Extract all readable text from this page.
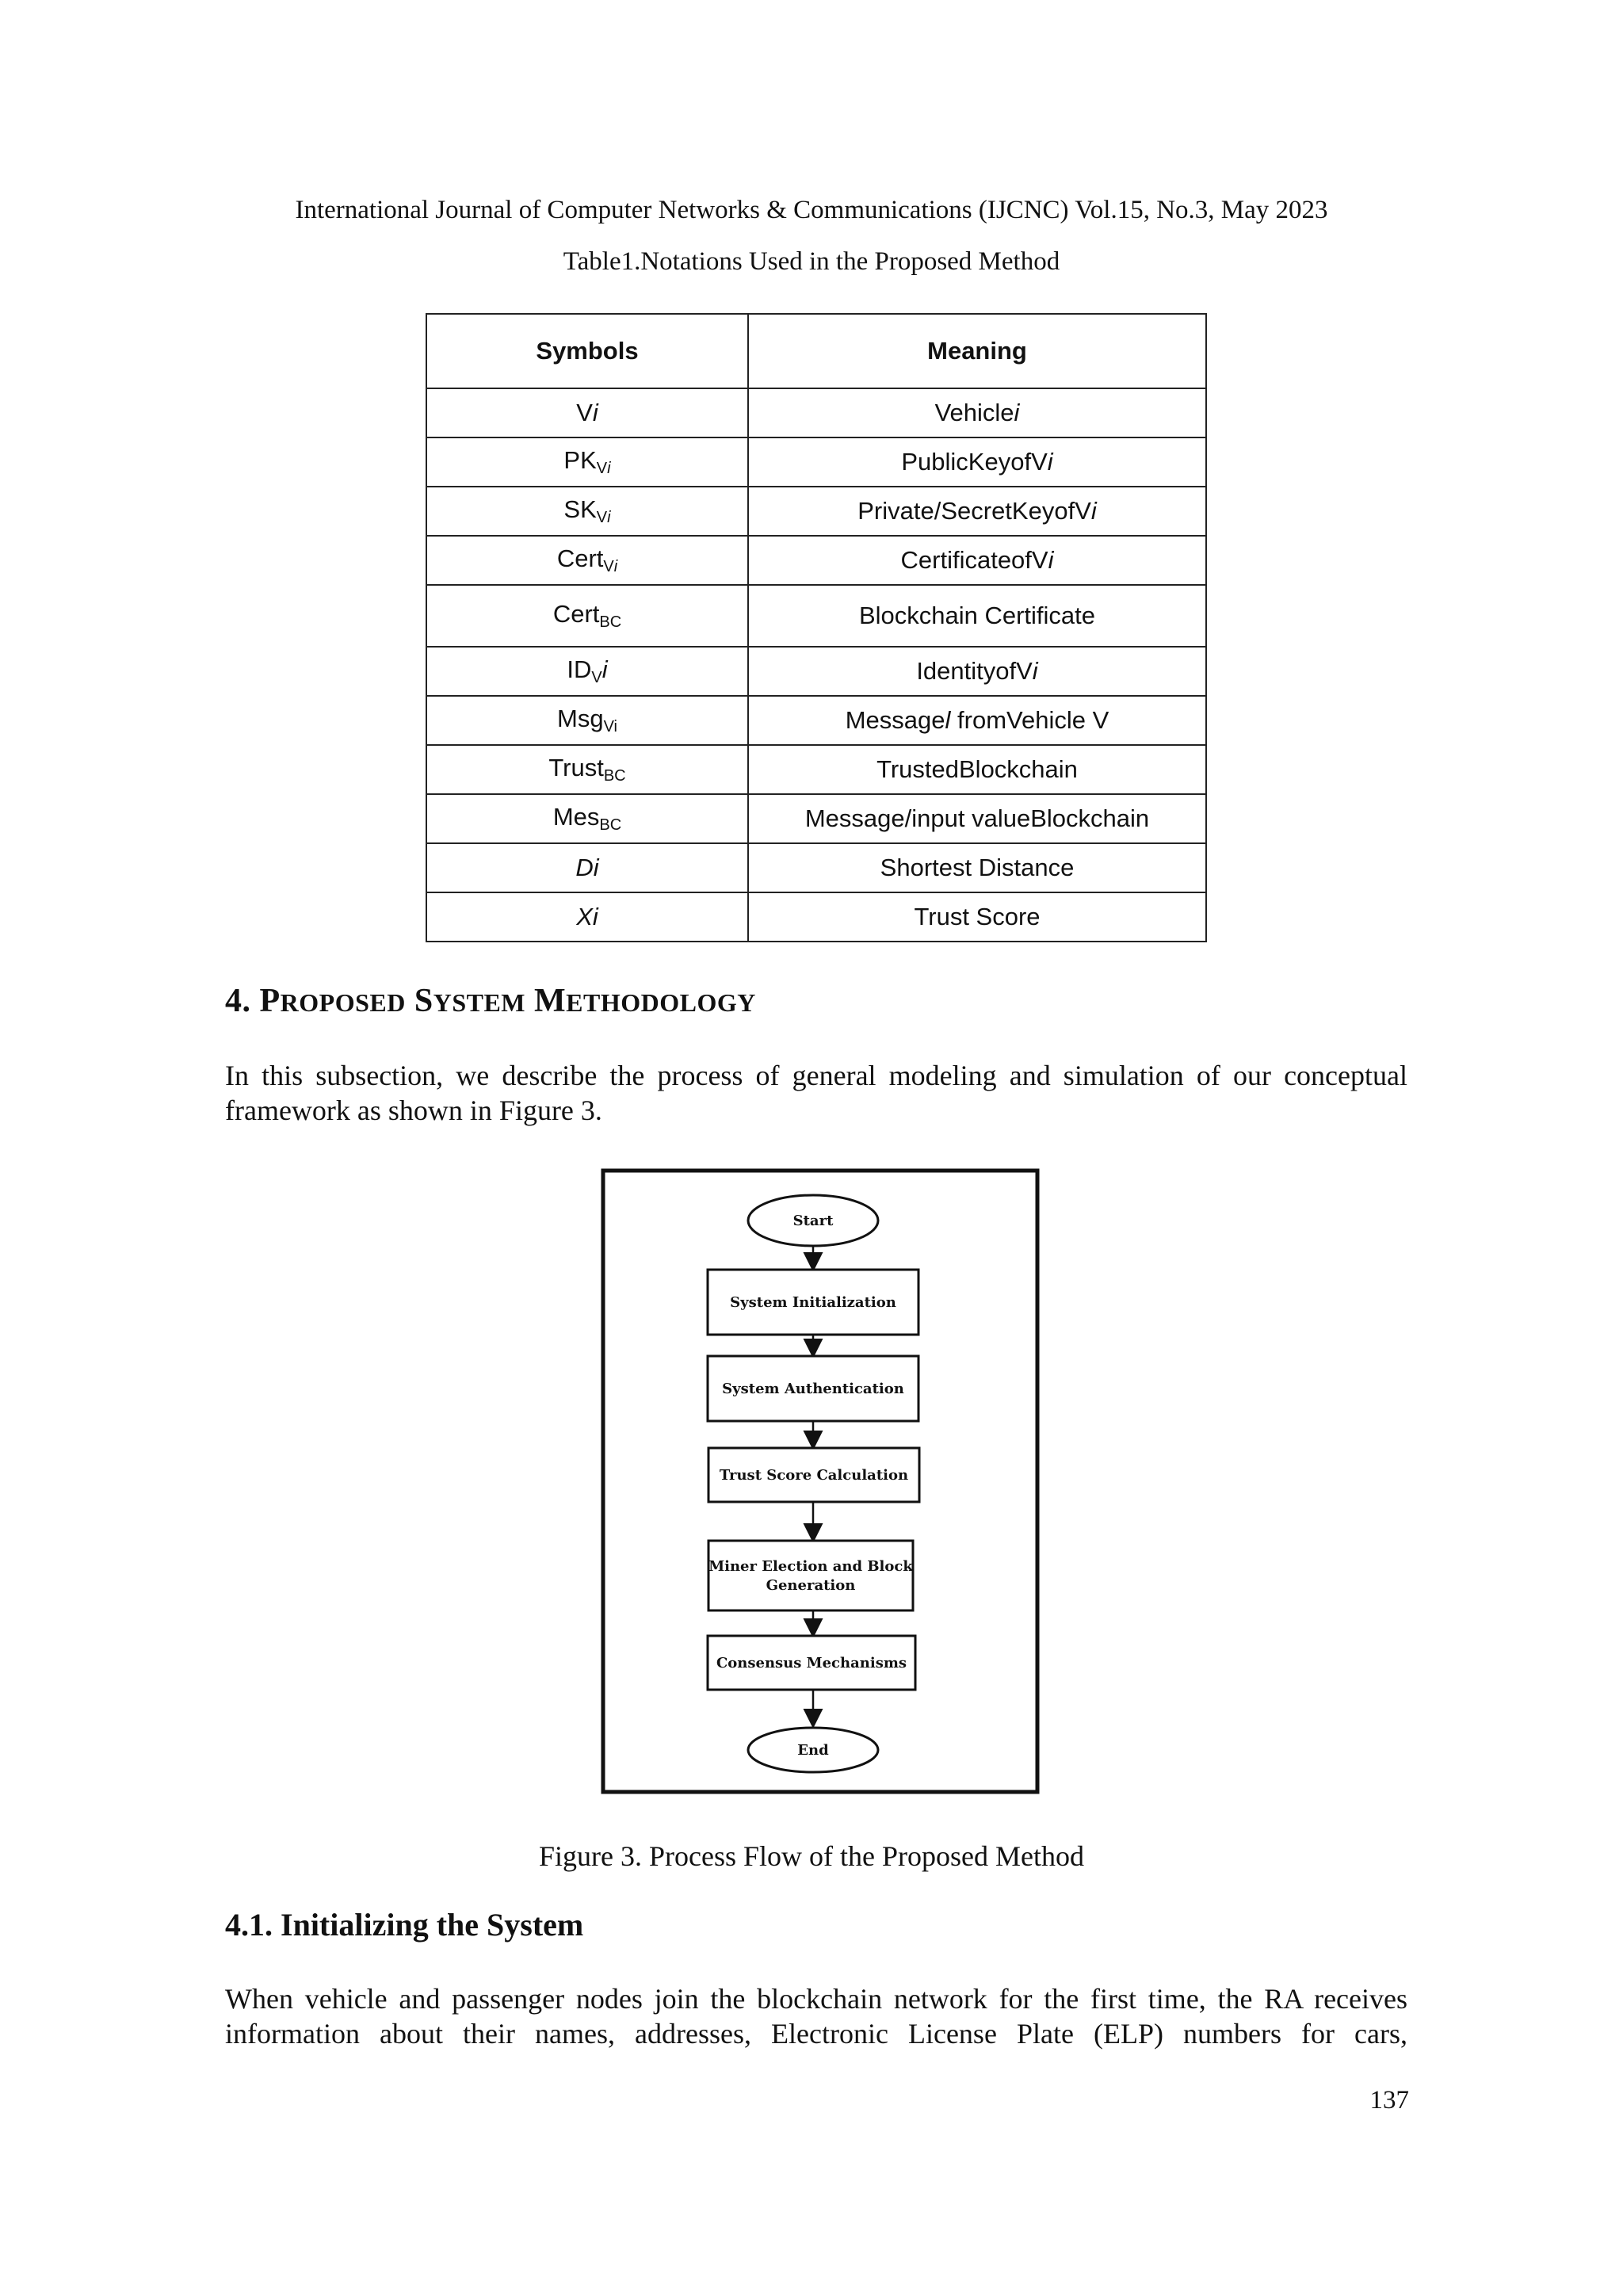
International Journal of Computer Networks & Communications (IJCNC) Vol.15, No.3, May 2023
Table1.Notations Used in the Proposed Method
Symbols	Meaning
Vi	Vehiclei
$PK_{Vi}$	PublicKeyofVi
$SK_{Vi}$	Private/SecretKeyofVi
Cert$_{Vi}$	CertificateofVi
Cert$_{BC}$	Blockchain Certificate
$ID_Vi$	IdentityofVi
Msg$_{Vi}$	Messagel fromVehicle V
Trust$_{BC}$	TrustedBlockchain
Mes$_{BC}$	Message/input valueBlockchain
Di	Shortest Distance
Xi	Trust Score
4. PROPOSED SYSTEM METHODOLOGY
In this subsection, we describe the process of general modeling and simulation of our conceptual framework as shown in Figure 3.
Start
System Initialization
System Authentication
Trust Score Calculation
Miner Election and Block
Generation
Consensus Mechanisms
End
Figure 3. Process Flow of the Proposed Method
4.1. Initializing the System
When vehicle and passenger nodes join the blockchain network for the first time, the RA receives information about their names, addresses, Electronic License Plate (ELP) numbers for cars,
137
